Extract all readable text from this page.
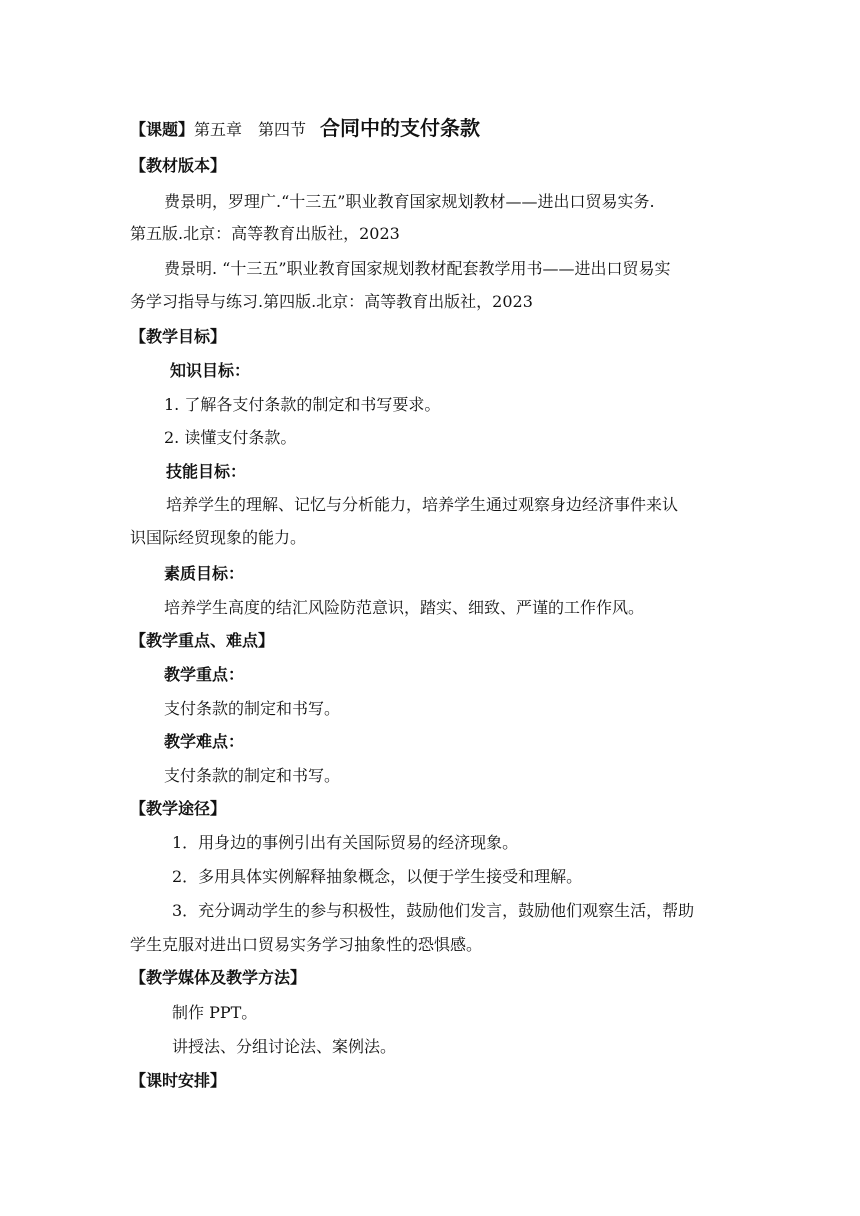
【课题】第五章 第四节 合同中的支付条款
【教材版本】
费景明，罗理广.“十三五”职业教育国家规划教材——进出口贸易实务.
第五版.北京：高等教育出版社，2023
费景明. “十三五”职业教育国家规划教材配套教学用书——进出口贸易实
务学习指导与练习.第四版.北京：高等教育出版社，2023
【教学目标】
知识目标：
1. 了解各支付条款的制定和书写要求。
2. 读懂支付条款。
技能目标：
培养学生的理解、记忆与分析能力，培养学生通过观察身边经济事件来认
识国际经贸现象的能力。
素质目标：
培养学生高度的结汇风险防范意识，踏实、细致、严谨的工作作风。
【教学重点、难点】
教学重点：
支付条款的制定和书写。
教学难点：
支付条款的制定和书写。
【教学途径】
1．用身边的事例引出有关国际贸易的经济现象。
2．多用具体实例解释抽象概念，以便于学生接受和理解。
3．充分调动学生的参与积极性，鼓励他们发言，鼓励他们观察生活，帮助
学生克服对进出口贸易实务学习抽象性的恐惧感。
【教学媒体及教学方法】
制作 PPT。
讲授法、分组讨论法、案例法。
【课时安排】
